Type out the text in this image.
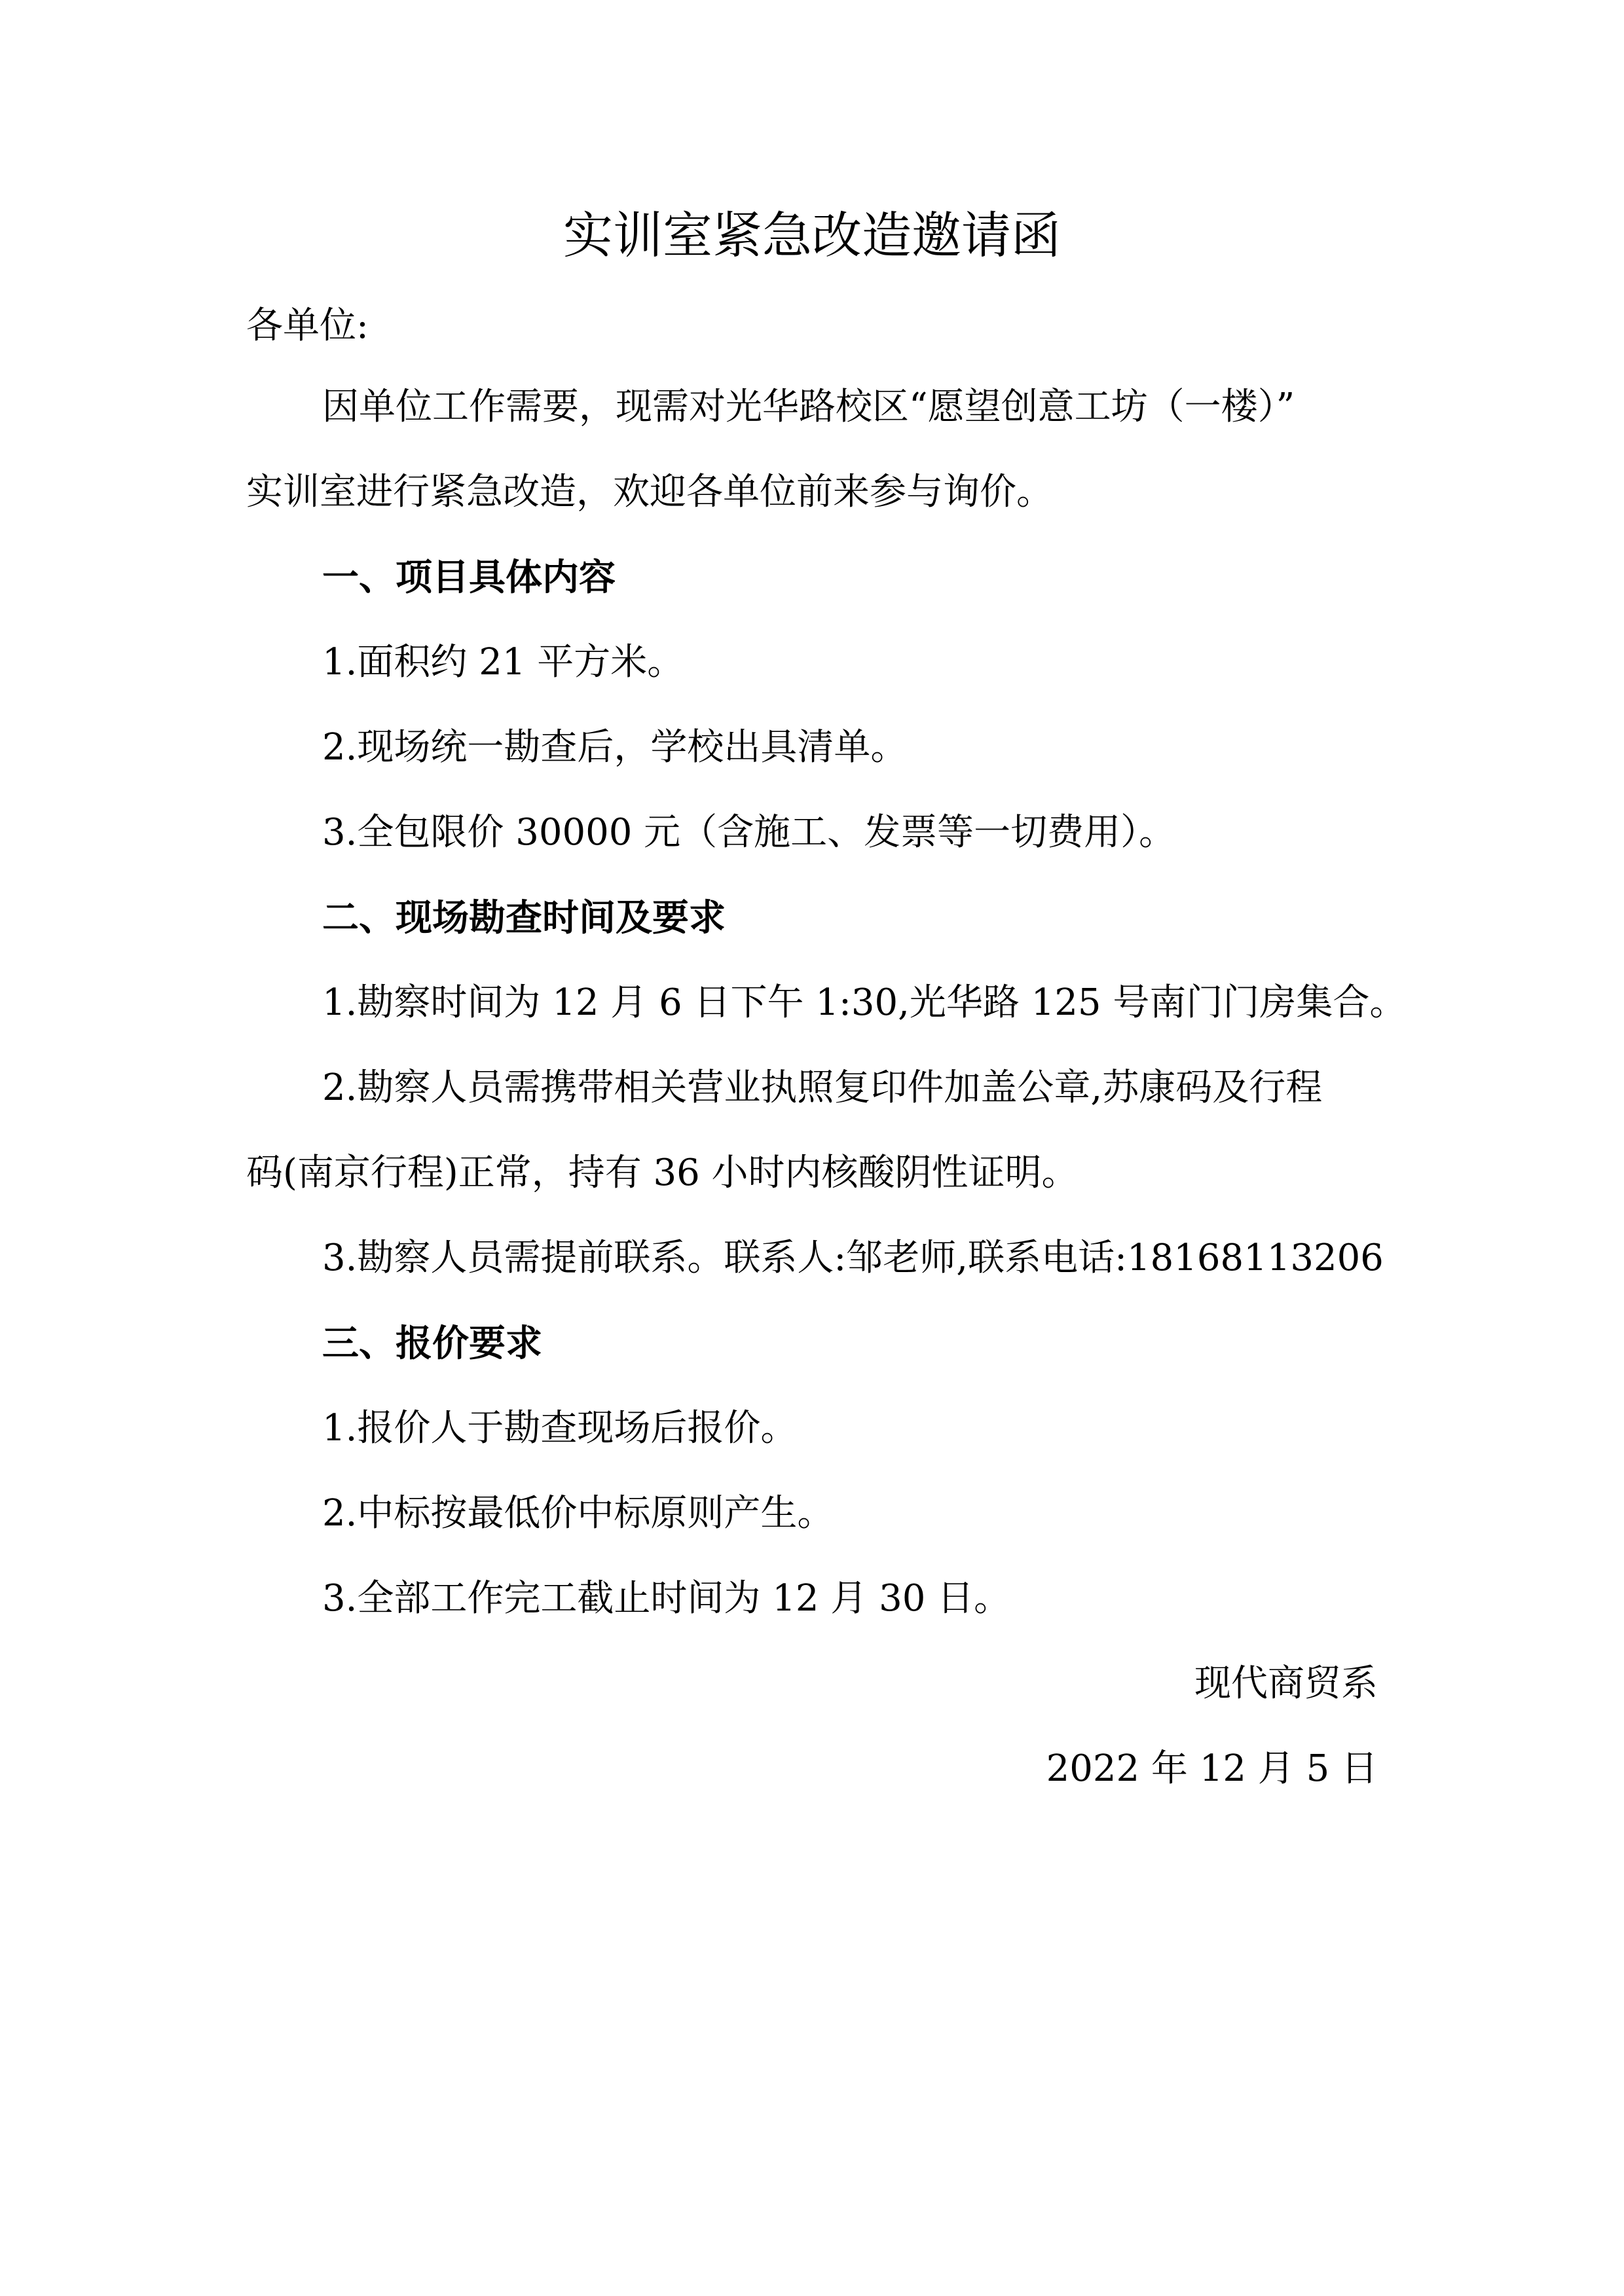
实训室紧急改造邀请函
各单位:
因单位工作需要，现需对光华路校区“愿望创意工坊（一楼）”
实训室进行紧急改造，欢迎各单位前来参与询价。
一、项目具体内容
1.面积约 21 平方米。
2.现场统一勘查后，学校出具清单。
3.全包限价 30000 元（含施工、发票等一切费用）。
二、现场勘查时间及要求
1.勘察时间为 12 月 6 日下午 1:30,光华路 125 号南门门房集合。
2.勘察人员需携带相关营业执照复印件加盖公章,苏康码及行程
码(南京行程)正常，持有 36 小时内核酸阴性证明。
3.勘察人员需提前联系。联系人:邹老师,联系电话:18168113206
三、报价要求
1.报价人于勘查现场后报价。
2.中标按最低价中标原则产生。
3.全部工作完工截止时间为 12 月 30 日。
现代商贸系
2022 年 12 月 5 日
